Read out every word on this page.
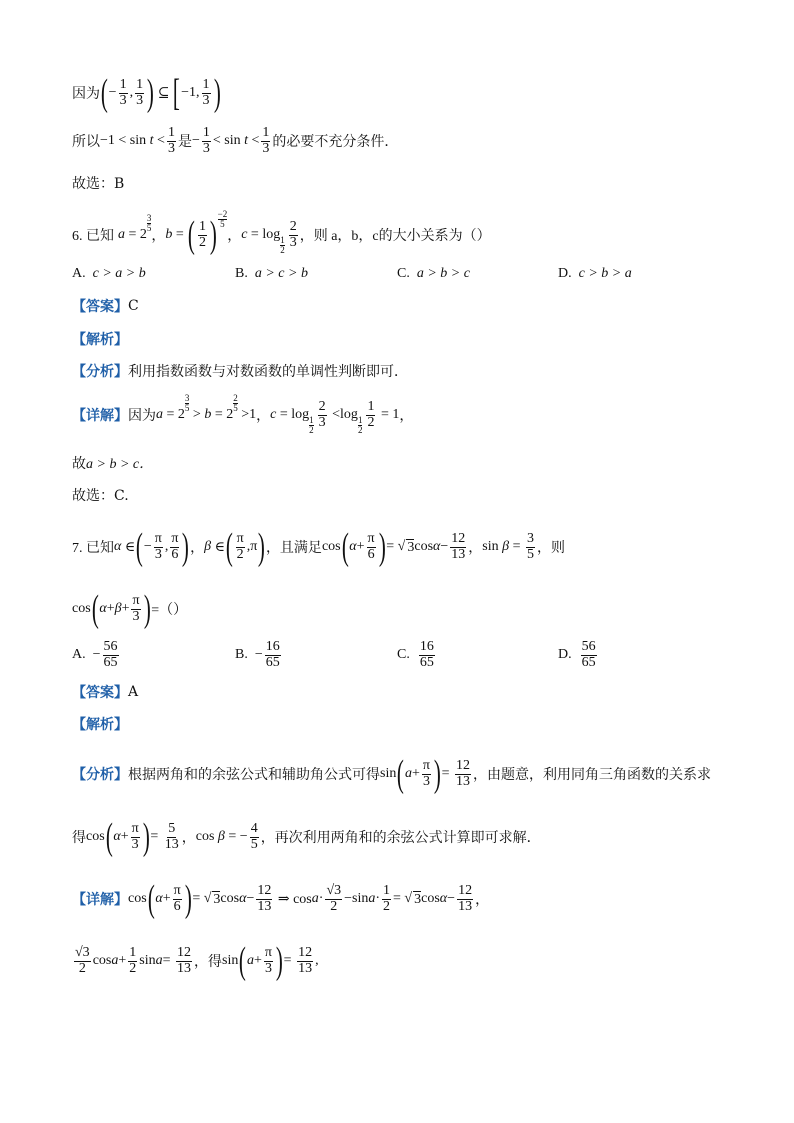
因为 ( − $\frac{1}{3}$ , $\frac{1}{3}$ ) ⊆ [ −1, $\frac{1}{3}$ )
所以 $-1 < \sin t < \frac{1}{3}$ 是 − $\frac{1}{3} < \sin t < \frac{1}{3}$ 的必要不充分条件．
故选：B
6. 已知 a = 2
3
5
， b = ( $\frac{1}{2}$ )
−2
5
， c = log 1
$2 \frac{2}{3}$ ，则 a，b，c的大小关系为（）
A.
c > a > b	B.
a > c > b	C.
a > b > c	D.
c > b > a
【答案】 C
【解析】
【分析】 利用指数函数与对数函数的单调性判断即可．
【详解】 因为 a = 2
3
5 > b = 2
2
5 >1 ， c = log 1
$2 \frac{2}{3} <\log$ 1
$2 \frac{1}{2} = 1$ ，
故 a > b > c．
故选：C.
7. 已知 α ∈ ( − $\frac{\pi}{3}$ , $\frac{\pi}{6}$ ) ， β ∈ ( $\frac{\pi}{2} ,\pi$ ) ，且满足 cos ( $\alpha + \frac{\pi}{6}$ ) = √ 3 $\cos \alpha - \frac{12}{13}$ ， $\sin \beta = \frac{3}{5}$ ，则
cos ( $\alpha + \beta + \frac{\pi}{3}$ ) =（）
A. − $\frac{56}{65}$	B. − $\frac{16}{65}$	C.
$\frac{16}{65}$	D.
$\frac{56}{65}$
【答案】 A
【解析】
【分析】 根据两角和的余弦公式和辅助角公式可得 sin ( $a + \frac{\pi}{3}$ ) = $\frac{12}{13}$ ，由题意，利用同角三角函数的关系求
得 cos ( $\alpha + \frac{\pi}{3}$ ) = $\frac{5}{13}$ ， cos β = − $\frac{4}{5}$ ，再次利用两角和的余弦公式计算即可求解．
【详解】 cos ( $\alpha + \frac{\pi}{6}$ ) = √ 3 $\cos \alpha - \frac{12}{13}$ ⇒ $\cos a \cdot \frac{√3}{2} -\sin$ $a \cdot \frac{1}{2}$ = √ 3 $\cos \alpha - \frac{12}{13}$ ，
$\frac{√3}{2}$ $\cos a + \frac{1}{2}$ $\sin a = \frac{12}{13}$ ，得 sin ( $a + \frac{\pi}{3}$ ) = $\frac{12}{13}$ ,
